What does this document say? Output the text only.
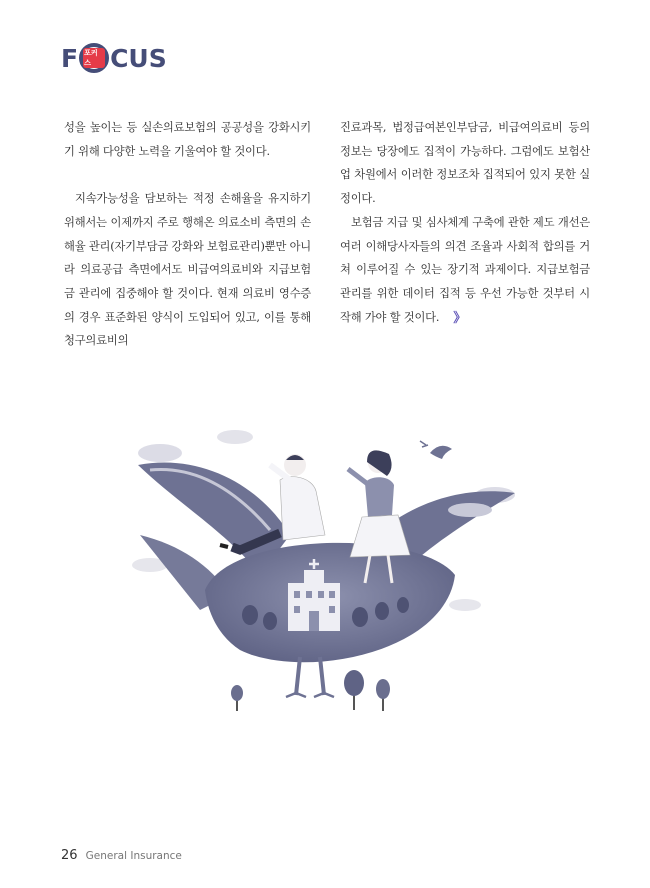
F 포커스 CUS

성을 높이는 등 실손의료보험의 공공성을 강화시키기 위해 다양한 노력을 기울여야 할 것이다.

지속가능성을 담보하는 적정 손해율을 유지하기 위해서는 이제까지 주로 행해온 의료소비 측면의 손해율 관리(자기부담금 강화와 보험료관리)뿐만 아니라 의료공급 측면에서도 비급여의료비와 지급보험금 관리에 집중해야 할 것이다. 현재 의료비 영수증의 경우 표준화된 양식이 도입되어 있고, 이를 통해 청구의료비의

진료과목, 법정급여본인부담금, 비급여의료비 등의 정보는 당장에도 집적이 가능하다. 그럼에도 보험산업 차원에서 이러한 정보조차 집적되어 있지 못한 실정이다.

보험금 지급 및 심사체계 구축에 관한 제도 개선은 여러 이해당사자들의 의견 조율과 사회적 합의를 거쳐 이루어질 수 있는 장기적 과제이다. 지급보험금 관리를 위한 데이터 집적 등 우선 가능한 것부터 시작해 가야 할 것이다. 》

26 General Insurance
